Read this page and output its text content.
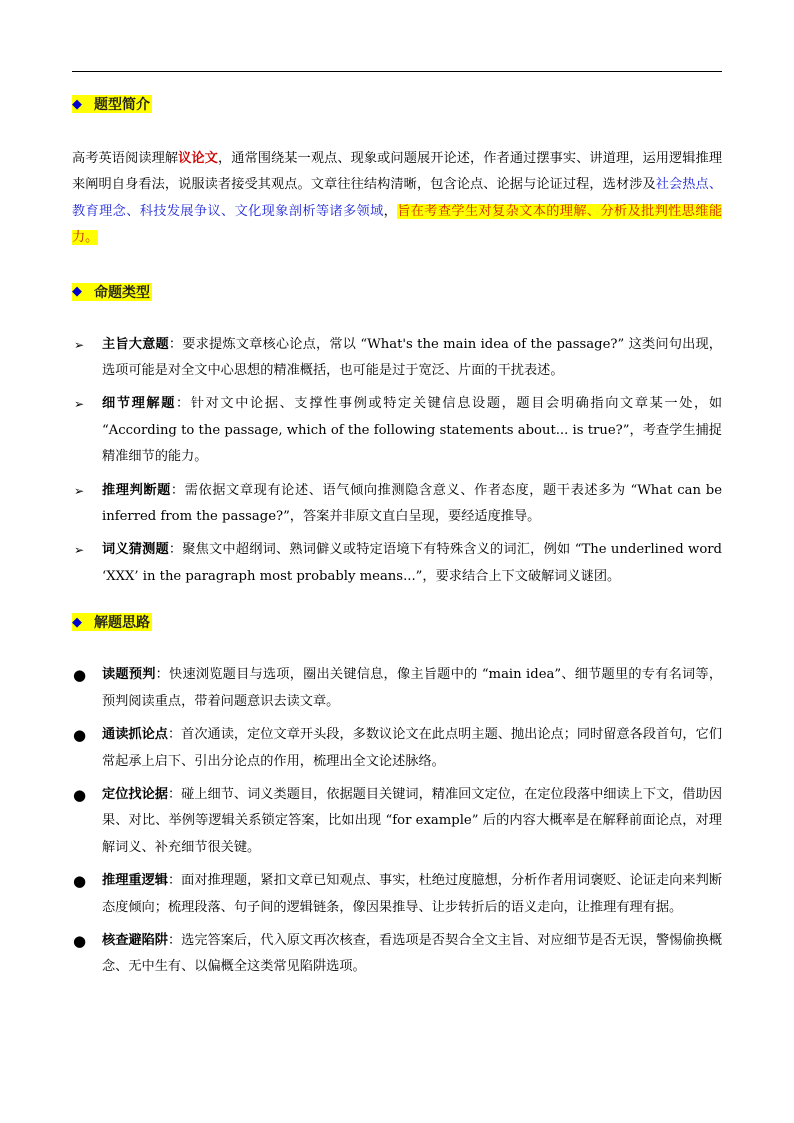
◆ 题型简介

高考英语阅读理解议论文，通常围绕某一观点、现象或问题展开论述，作者通过摆事实、讲道理，运用逻辑推理来阐明自身看法，说服读者接受其观点。文章往往结构清晰，包含论点、论据与论证过程，选材涉及社会热点、教育理念、科技发展争议、文化现象剖析等诸多领域，旨在考查学生对复杂文本的理解、分析及批判性思维能力。

◆ 命题类型
➢ 主旨大意题：要求提炼文章核心论点，常以 “What's the main idea of the passage?” 这类问句出现，选项可能是对全文中心思想的精准概括，也可能是过于宽泛、片面的干扰表述。
➢ 细节理解题：针对文中论据、支撑性事例或特定关键信息设题，题目会明确指向文章某一处，如 “According to the passage, which of the following statements about... is true?”，考查学生捕捉精准细节的能力。
➢ 推理判断题：需依据文章现有论述、语气倾向推测隐含意义、作者态度，题干表述多为 “What can be inferred from the passage?”，答案并非原文直白呈现，要经适度推导。
➢ 词义猜测题：聚焦文中超纲词、熟词僻义或特定语境下有特殊含义的词汇，例如 “The underlined word ‘XXX’ in the paragraph most probably means...”，要求结合上下文破解词义谜团。
◆ 解题思路
● 读题预判：快速浏览题目与选项，圈出关键信息，像主旨题中的 “main idea”、细节题里的专有名词等，预判阅读重点，带着问题意识去读文章。
● 通读抓论点：首次通读，定位文章开头段，多数议论文在此点明主题、抛出论点；同时留意各段首句，它们常起承上启下、引出分论点的作用，梳理出全文论述脉络。
● 定位找论据：碰上细节、词义类题目，依据题目关键词，精准回文定位，在定位段落中细读上下文，借助因果、对比、举例等逻辑关系锁定答案，比如出现 “for example” 后的内容大概率是在解释前面论点，对理解词义、补充细节很关键。
● 推理重逻辑：面对推理题，紧扣文章已知观点、事实，杜绝过度臆想，分析作者用词褒贬、论证走向来判断态度倾向；梳理段落、句子间的逻辑链条，像因果推导、让步转折后的语义走向，让推理有理有据。
● 核查避陷阱：选完答案后，代入原文再次核查，看选项是否契合全文主旨、对应细节是否无误，警惕偷换概念、无中生有、以偏概全这类常见陷阱选项。
